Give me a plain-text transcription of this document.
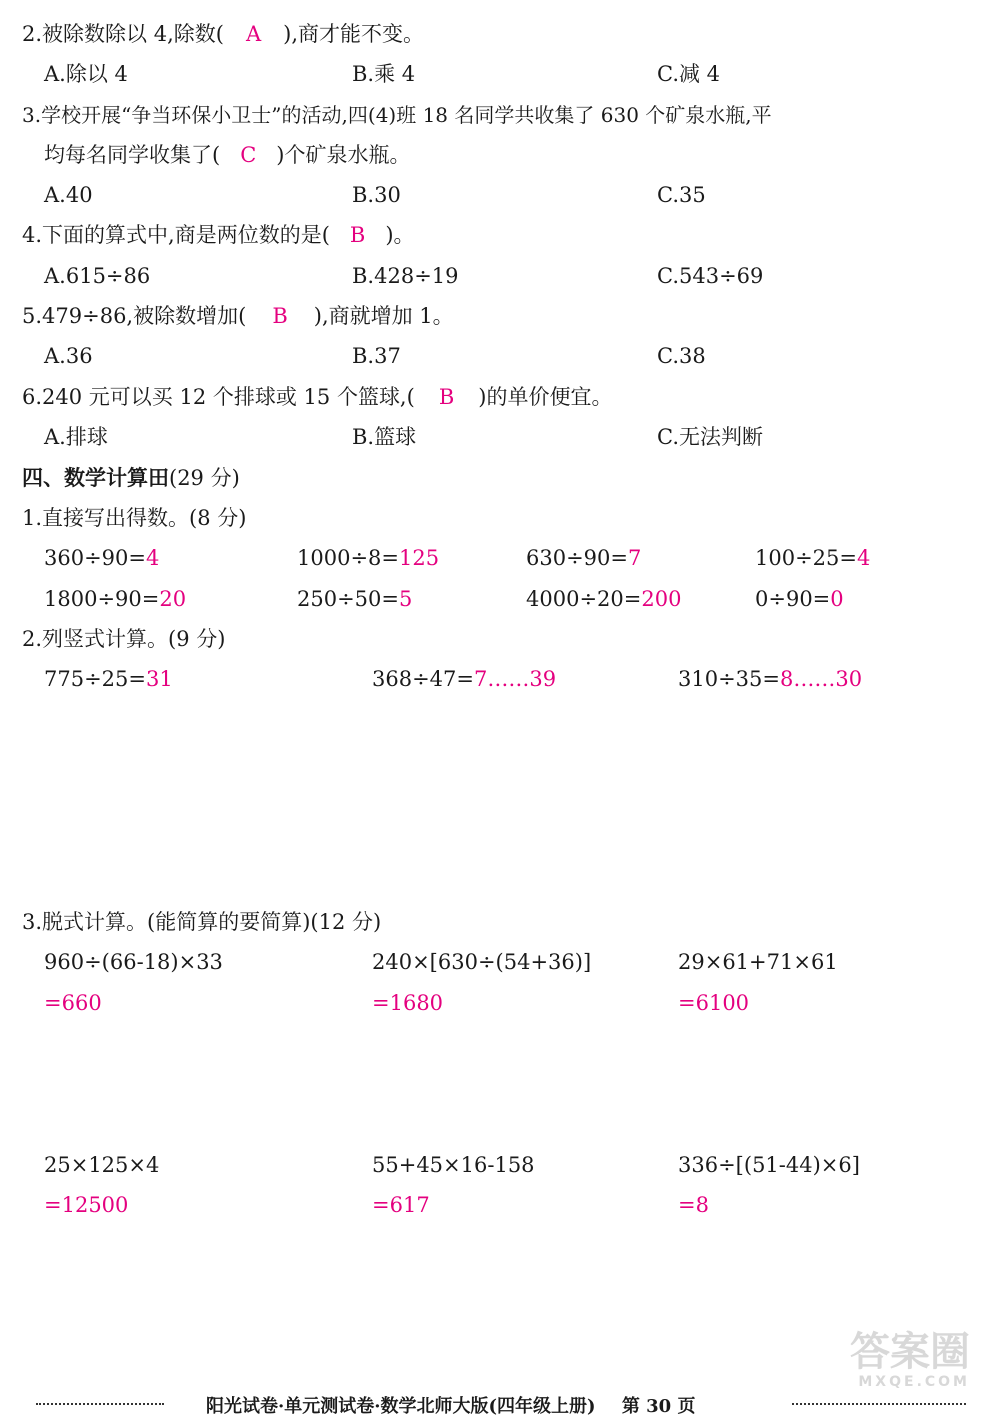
2.被除数除以 4,除数( A ),商才能不变。
A.除以 4	B.乘 4	C.减 4
3.学校开展“争当环保小卫士”的活动,四(4)班 18 名同学共收集了 630 个矿泉水瓶,平
均每名同学收集了( C )个矿泉水瓶。
A.40	B.30	C.35
4.下面的算式中,商是两位数的是( B )。
A.615÷86	B.428÷19	C.543÷69
5.479÷86,被除数增加( B ),商就增加 1。
A.36	B.37	C.38
6.240 元可以买 12 个排球或 15 个篮球,( B )的单价便宜。
A.排球	B.篮球	C.无法判断
四、数学计算田(29 分)
1.直接写出得数。(8 分)
360÷90=4	1000÷8=125	630÷90=7	100÷25=4
1800÷90=20	250÷50=5	4000÷20=200	0÷90=0
2.列竖式计算。(9 分)
775÷25=31	368÷47=7……39	310÷35=8……30
3.脱式计算。(能简算的要简算)(12 分)
960÷(66-18)×33
=660
240×[630÷(54+36)]
=1680
29×61+71×61
=6100
25×125×4
=12500
55+45×16-158
=617
336÷[(51-44)×6]
=8
答案圈
MXQE.COM
阳光试卷·单元测试卷·数学北师大版(四年级上册) 第 30 页
